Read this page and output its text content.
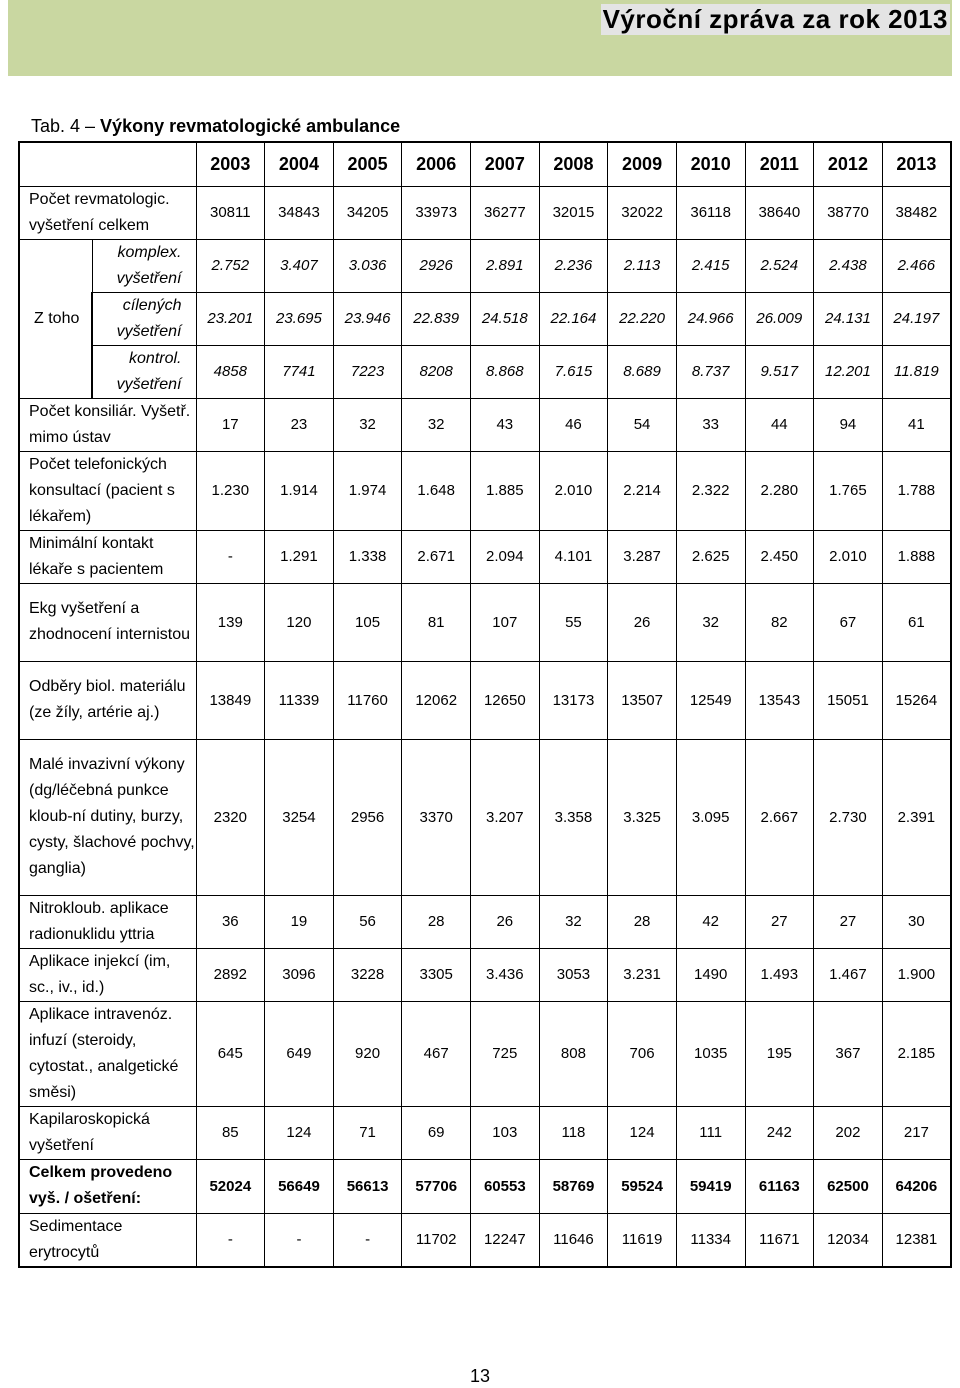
Výroční zpráva za rok 2013
Tab. 4 – Výkony revmatologické ambulance
		2003	2004	2005	2006	2007	2008	2009	2010	2011	2012	2013
Počet revmatologic. vyšetření celkem		30811	34843	34205	33973	36277	32015	32022	36118	38640	38770	38482
Z toho	komplex. vyšetření	2.752	3.407	3.036	2926	2.891	2.236	2.113	2.415	2.524	2.438	2.466
	cílených vyšetření	23.201	23.695	23.946	22.839	24.518	22.164	22.220	24.966	26.009	24.131	24.197
	kontrol. vyšetření	4858	7741	7223	8208	8.868	7.615	8.689	8.737	9.517	12.201	11.819
Počet konsiliár. Vyšetř. mimo ústav		17	23	32	32	43	46	54	33	44	94	41
Počet telefonických konsultací (pacient s lékařem)		1.230	1.914	1.974	1.648	1.885	2.010	2.214	2.322	2.280	1.765	1.788
Minimální kontakt lékaře s pacientem		-	1.291	1.338	2.671	2.094	4.101	3.287	2.625	2.450	2.010	1.888
Ekg vyšetření a zhodnocení internistou		139	120	105	81	107	55	26	32	82	67	61
Odběry biol. materiálu (ze žíly, artérie aj.)		13849	11339	11760	12062	12650	13173	13507	12549	13543	15051	15264
Malé invazivní výkony (dg/léčebná punkce kloub-ní dutiny, burzy, cysty, šlachové pochvy, ganglia)		2320	3254	2956	3370	3.207	3.358	3.325	3.095	2.667	2.730	2.391
Nitrokloub. aplikace radionuklidu yttria		36	19	56	28	26	32	28	42	27	27	30
Aplikace injekcí (im, sc., iv., id.)		2892	3096	3228	3305	3.436	3053	3.231	1490	1.493	1.467	1.900
Aplikace intravenóz. infuzí (steroidy, cytostat., analgetické směsi)		645	649	920	467	725	808	706	1035	195	367	2.185
Kapilaroskopická vyšetření		85	124	71	69	103	118	124	111	242	202	217
Celkem provedeno vyš. / ošetření:		52024	56649	56613	57706	60553	58769	59524	59419	61163	62500	64206
Sedimentace erytrocytů		-	-	-	11702	12247	11646	11619	11334	11671	12034	12381
13
